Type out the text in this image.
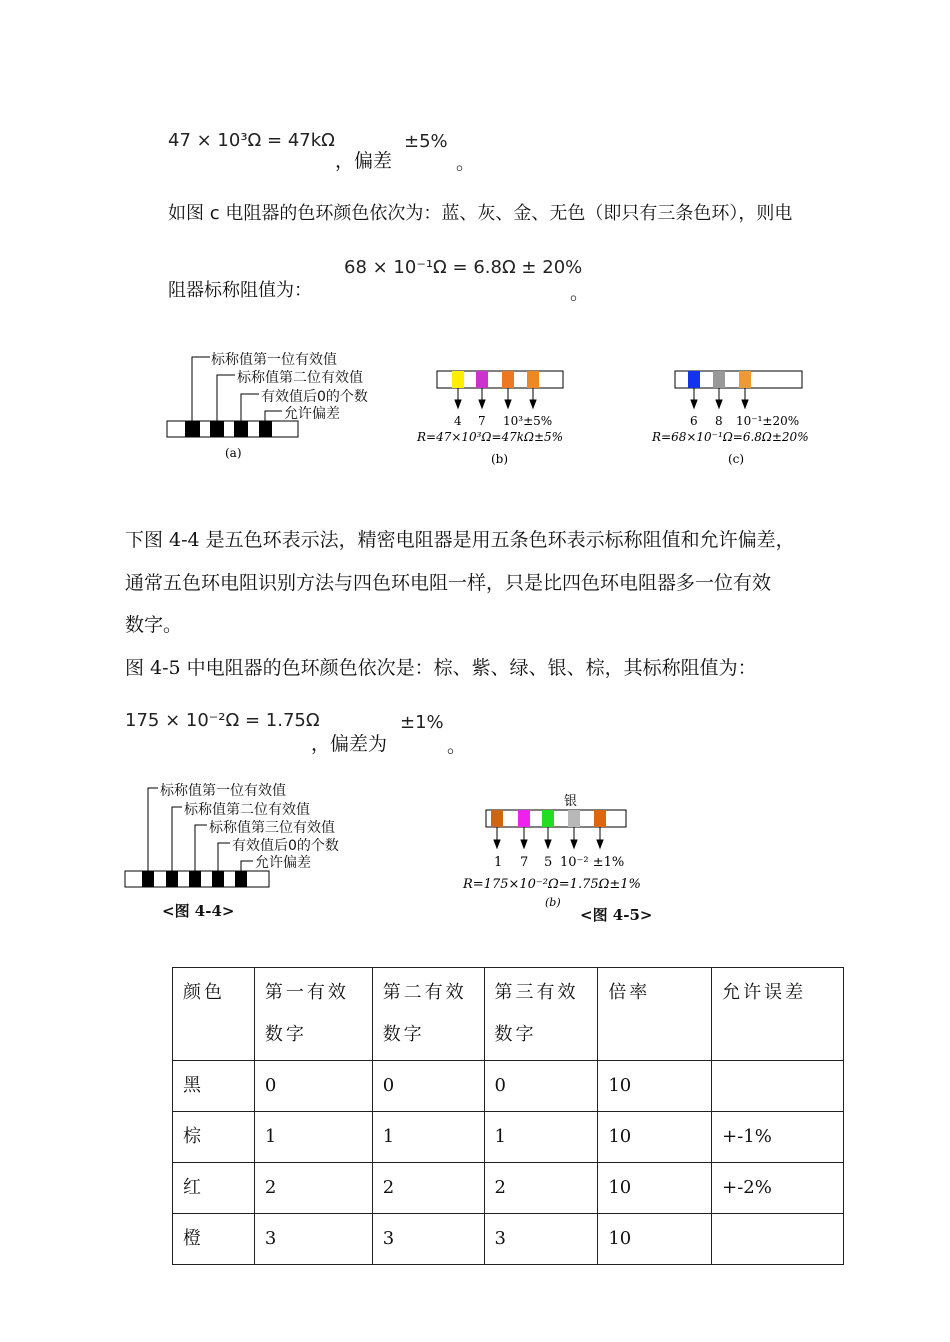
47 × 10³Ω = 47kΩ
，偏差
±5%
。
如图 c 电阻器的色环颜色依次为：蓝、灰、金、无色（即只有三条色环），则电
阻器标称阻值为：
68 × 10⁻¹Ω = 6.8Ω ± 20%
。
(a)
标称值第一位有效值
标称值第二位有效值
有效值后0的个数
允许偏差	4 7 10³±5%
R=47×10³Ω=47kΩ±5%
(b)
6 8 10⁻¹±20%
R=68×10⁻¹Ω=6.8Ω±20%
(c)
下图 4-4 是五色环表示法，精密电阻器是用五条色环表示标称阻值和允许偏差，
通常五色环电阻识别方法与四色环电阻一样，只是比四色环电阻器多一位有效
数字。
图 4-5 中电阻器的色环颜色依次是：棕、紫、绿、银、棕，其标称阻值为：
175 × 10⁻²Ω = 1.75Ω
，偏差为
±1%
。
标称值第一位有效值
标称值第二位有效值
标称值第三位有效值
有效值后0的个数
允许偏差
<图 4-4>
银
1 7 5 10⁻² ±1%
R=175×10⁻²Ω=1.75Ω±1%
(b)
<图 4-5>
颜色	第一有效数字	第二有效数字	第三有效数字	倍率	允许误差
黑	0	0	0	10	
棕	1	1	1	10	+-1%
红	2	2	2	10	+-2%
橙	3	3	3	10	
